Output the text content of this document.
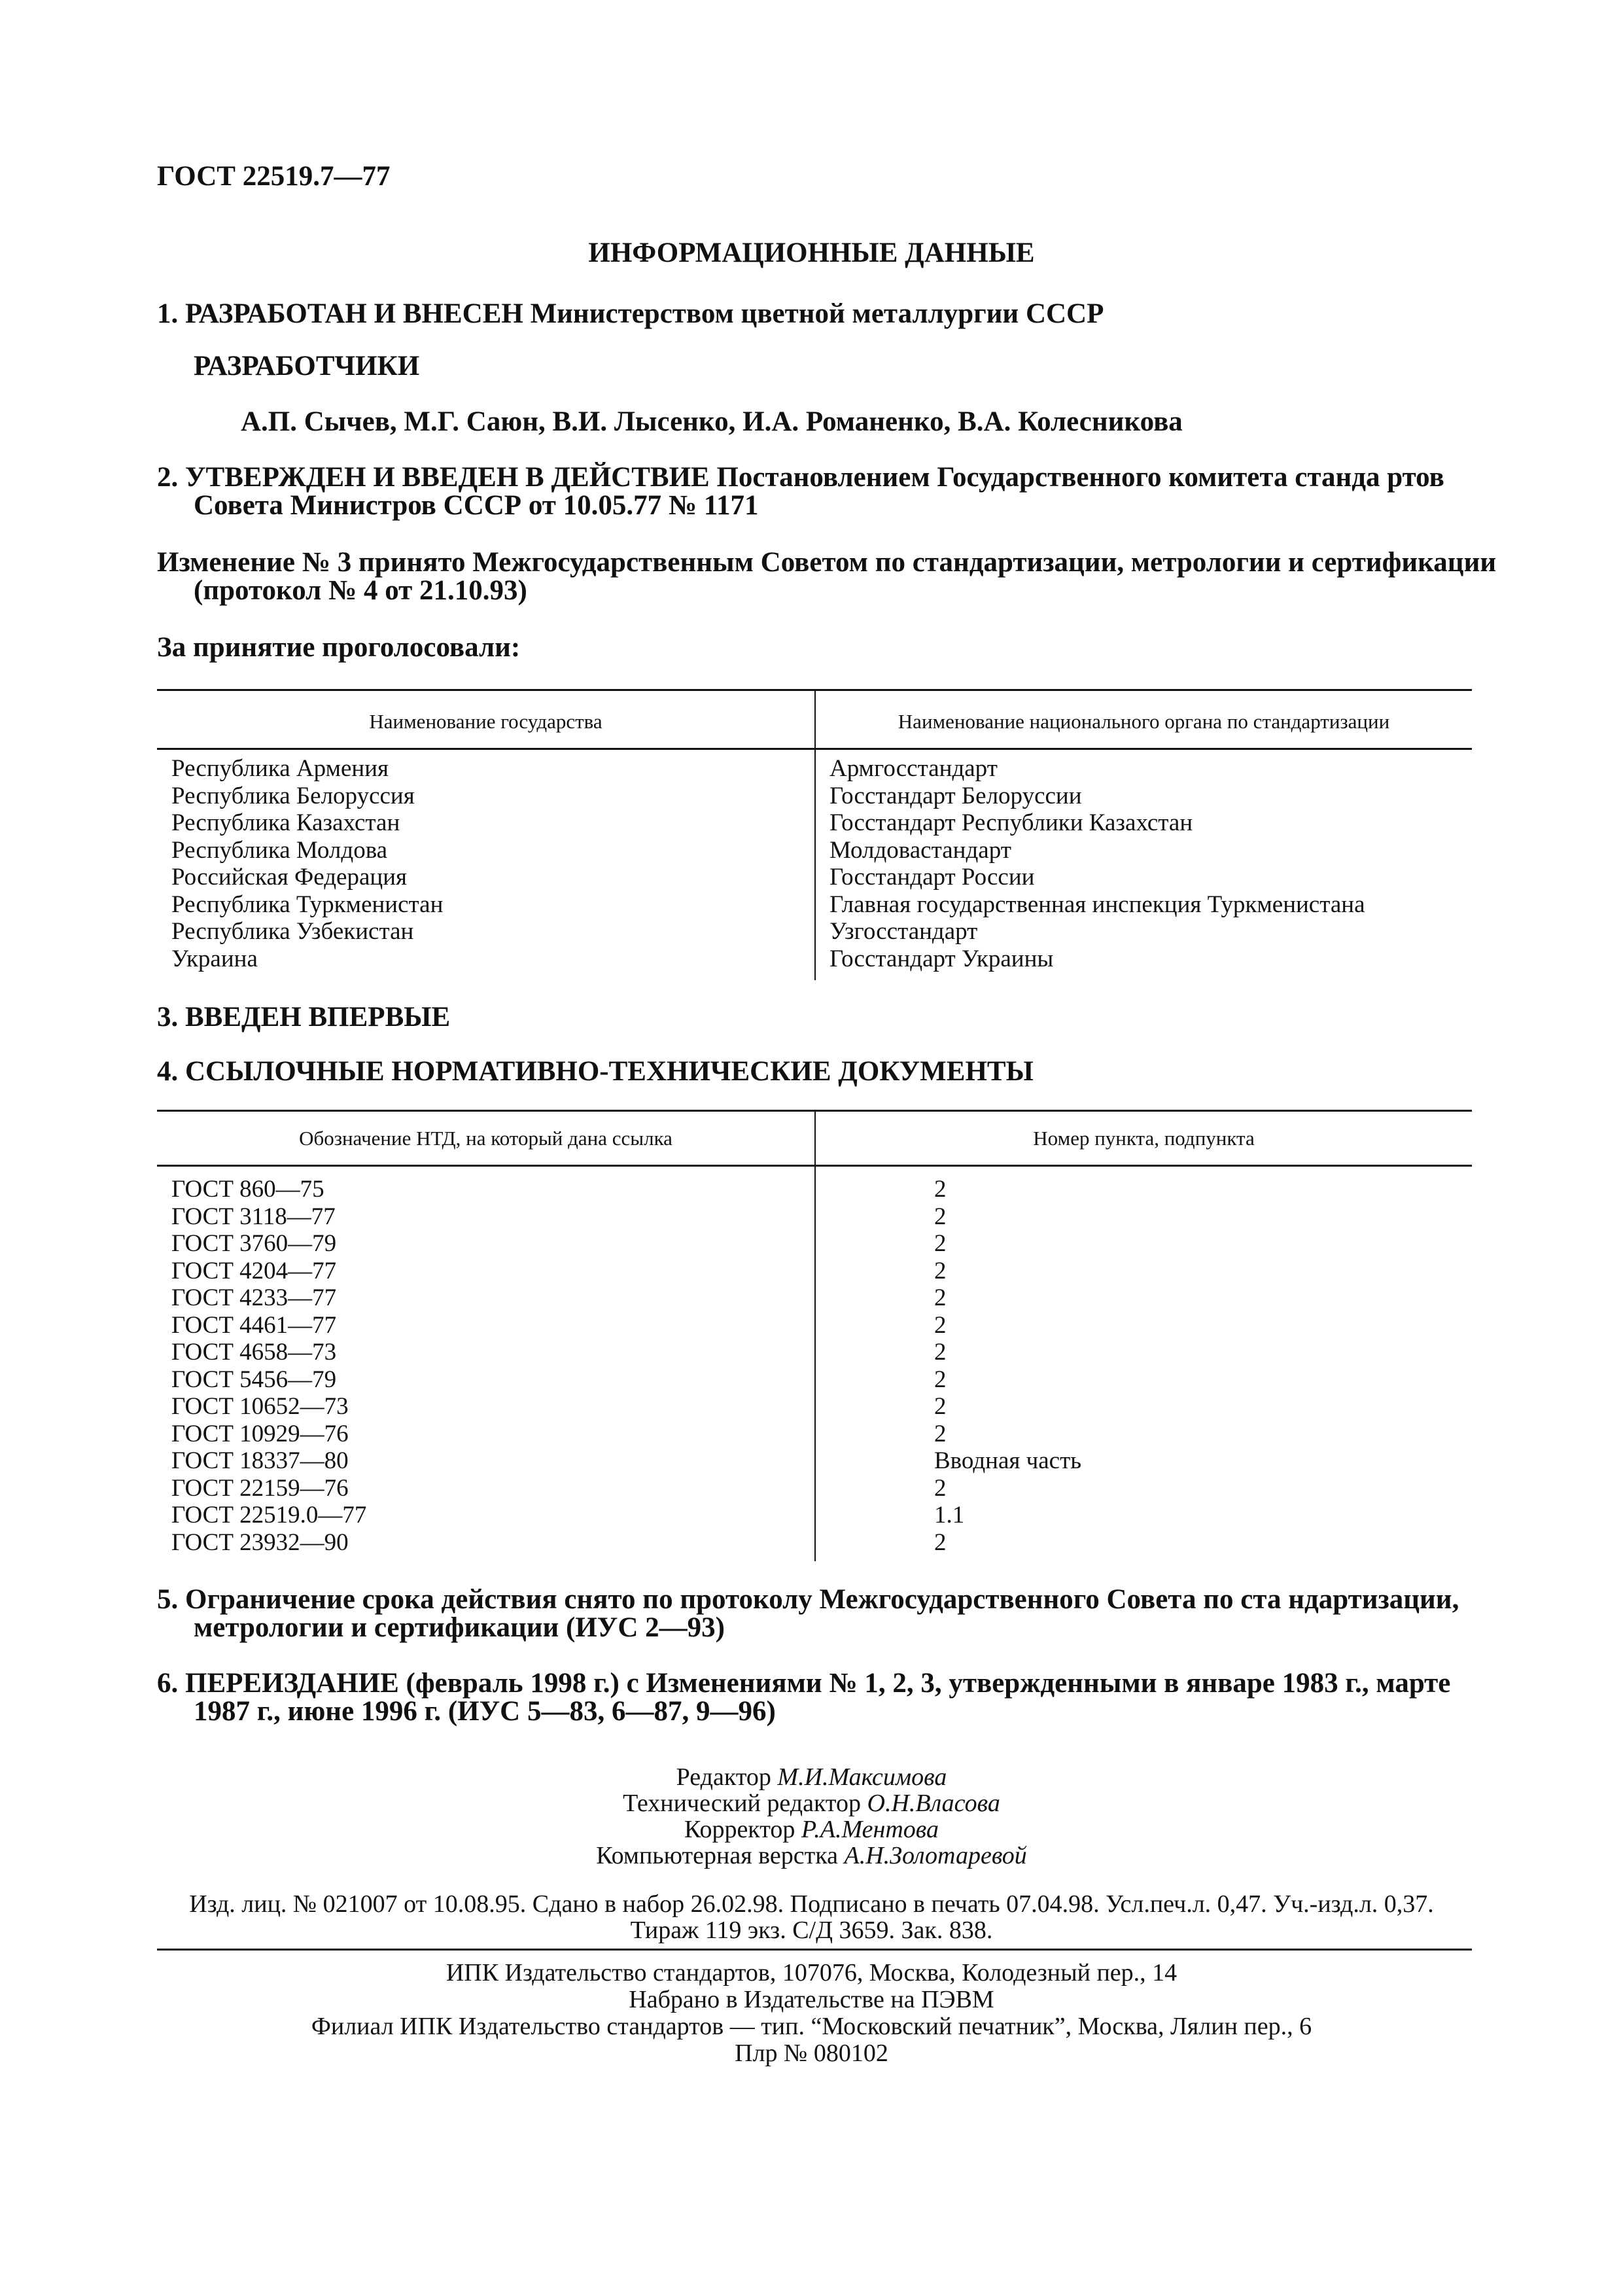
ГОСТ 22519.7—77
ИНФОРМАЦИОННЫЕ ДАННЫЕ
1. РАЗРАБОТАН И ВНЕСЕН Министерством цветной металлургии СССР
РАЗРАБОТЧИКИ
А.П. Сычев, М.Г. Саюн, В.И. Лысенко, И.А. Романенко, В.А. Колесникова
2. УТВЕРЖДЕН И ВВЕДЕН В ДЕЙСТВИЕ Постановлением Государственного комитета станда ртов
Совета Министров СССР от 10.05.77 № 1171
Изменение № 3 принято Межгосударственным Советом по стандартизации, метрологии и сертификации
(протокол № 4 от 21.10.93)
За принятие проголосовали:
Наименование государства	Наименование национального органа по стандартизации
Республика Армения
Республика Белоруссия
Республика Казахстан
Республика Молдова
Российская Федерация
Республика Туркменистан
Республика Узбекистан
Украина
Армгосстандарт
Госстандарт Белоруссии
Госстандарт Республики Казахстан
Молдовастандарт
Госстандарт России
Главная государственная инспекция Туркменистана
Узгосстандарт
Госстандарт Украины
3. ВВЕДЕН ВПЕРВЫЕ
4. ССЫЛОЧНЫЕ НОРМАТИВНО-ТЕХНИЧЕСКИЕ ДОКУМЕНТЫ
Обозначение НТД, на который дана ссылка	Номер пункта, подпункта
ГОСТ 860—75
ГОСТ 3118—77
ГОСТ 3760—79
ГОСТ 4204—77
ГОСТ 4233—77
ГОСТ 4461—77
ГОСТ 4658—73
ГОСТ 5456—79
ГОСТ 10652—73
ГОСТ 10929—76
ГОСТ 18337—80
ГОСТ 22159—76
ГОСТ 22519.0—77
ГОСТ 23932—90
2
2
2
2
2
2
2
2
2
2
Вводная часть
2
1.1
2
5. Ограничение срока действия снято по протоколу Межгосударственного Совета по ста ндартизации,
метрологии и сертификации (ИУС 2—93)
6. ПЕРЕИЗДАНИЕ (февраль 1998 г.) с Изменениями № 1, 2, 3, утвержденными в январе 1983 г., марте
1987 г., июне 1996 г. (ИУС 5—83, 6—87, 9—96)
Редактор М.И.Максимова
Технический редактор О.Н.Власова
Корректор Р.А.Ментова
Компьютерная верстка А.Н.Золотаревой
Изд. лиц. № 021007 от 10.08.95. Сдано в набор 26.02.98. Подписано в печать 07.04.98. Усл.печ.л. 0,47. Уч.-изд.л. 0,37.
Тираж 119 экз. С/Д 3659. Зак. 838.
ИПК Издательство стандартов, 107076, Москва, Колодезный пер., 14
Набрано в Издательстве на ПЭВМ
Филиал ИПК Издательство стандартов — тип. “Московский печатник”, Москва, Лялин пер., 6
Плр № 080102
